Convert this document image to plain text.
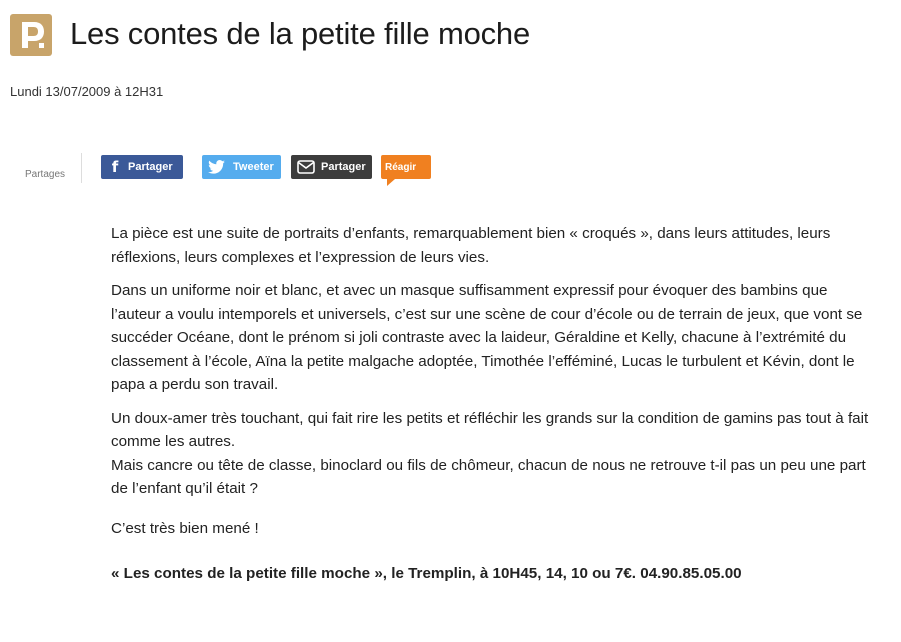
Les contes de la petite fille moche
Lundi 13/07/2009 à 12H31
Partages	f Partager	Tweeter	Partager Réagir

La pièce est une suite de portraits d’enfants, remarquablement bien « croqués », dans leurs attitudes, leurs réflexions, leurs complexes et l’expression de leurs vies.

Dans un uniforme noir et blanc, et avec un masque suffisamment expressif pour évoquer des bambins que l’auteur a voulu intemporels et universels, c’est sur une scène de cour d’école ou de terrain de jeux, que vont se succéder Océane, dont le prénom si joli contraste avec la laideur, Géraldine et Kelly, chacune à l’extrémité du classement à l’école, Aïna la petite malgache adoptée, Timothée l’efféminé, Lucas le turbulent et Kévin, dont le papa a perdu son travail.

Un doux-amer très touchant, qui fait rire les petits et réfléchir les grands sur la condition de gamins pas tout à fait comme les autres.
Mais cancre ou tête de classe, binoclard ou fils de chômeur, chacun de nous ne retrouve t-il pas un peu une part de l’enfant qu’il était ?

C’est très bien mené !

« Les contes de la petite fille moche », le Tremplin, à 10H45, 14, 10 ou 7€. 04.90.85.05.00
